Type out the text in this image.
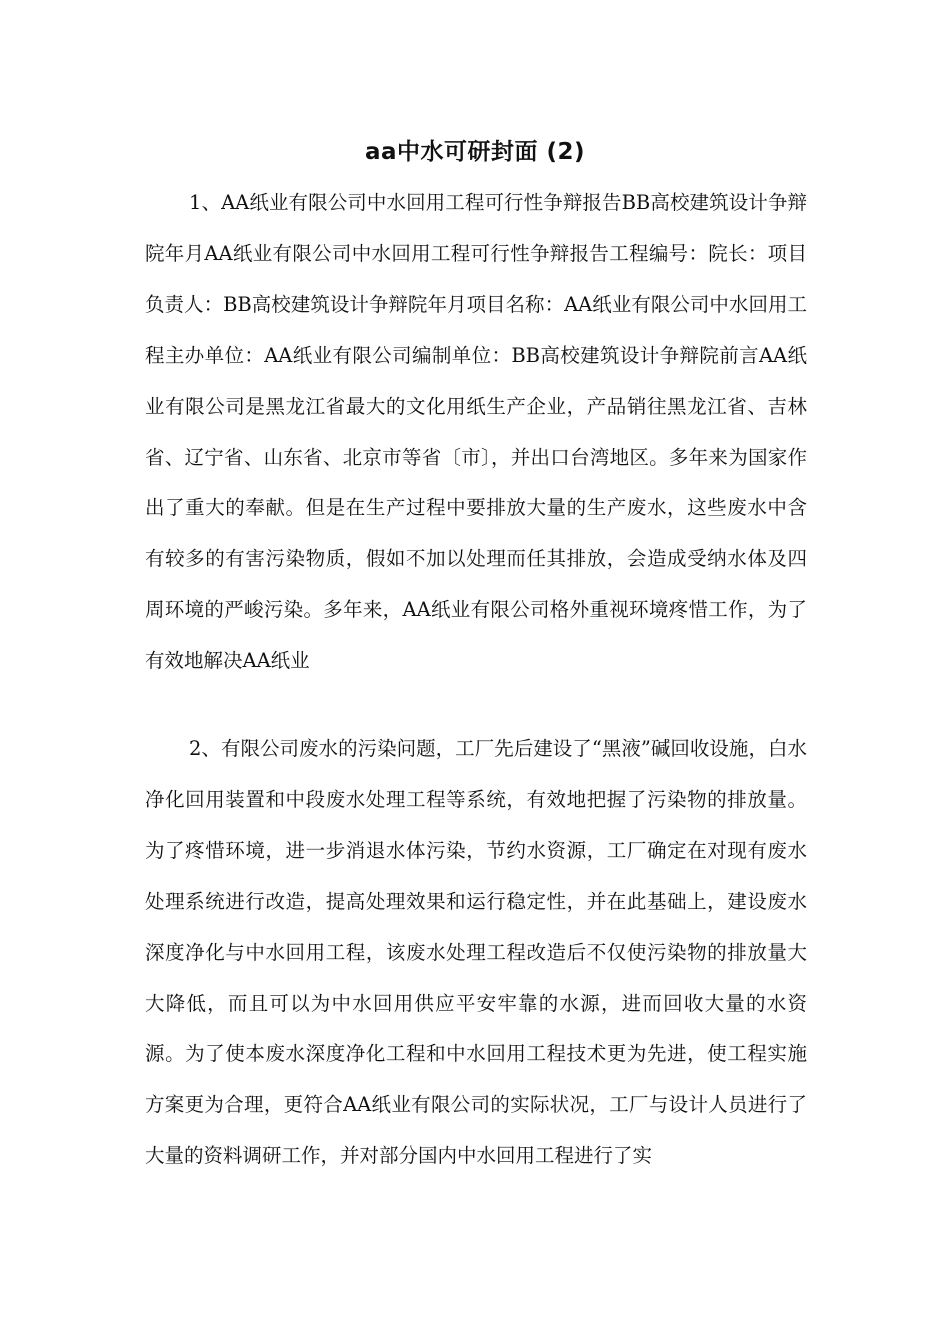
aa中水可研封面 (2)

1、AA纸业有限公司中水回用工程可行性争辩报告BB高校建筑设计争辩院年月AA纸业有限公司中水回用工程可行性争辩报告工程编号：院长：项目负责人：BB高校建筑设计争辩院年月项目名称：AA纸业有限公司中水回用工程主办单位：AA纸业有限公司编制单位：BB高校建筑设计争辩院前言AA纸业有限公司是黑龙江省最大的文化用纸生产企业，产品销往黑龙江省、吉林省、辽宁省、山东省、北京市等省〔市〕，并出口台湾地区。多年来为国家作出了重大的奉献。但是在生产过程中要排放大量的生产废水，这些废水中含有较多的有害污染物质，假如不加以处理而任其排放，会造成受纳水体及四周环境的严峻污染。多年来，AA纸业有限公司格外重视环境疼惜工作，为了有效地解决AA纸业

2、有限公司废水的污染问题，工厂先后建设了“黑液”碱回收设施，白水净化回用装置和中段废水处理工程等系统，有效地把握了污染物的排放量。为了疼惜环境，进一步消退水体污染，节约水资源，工厂确定在对现有废水处理系统进行改造，提高处理效果和运行稳定性，并在此基础上，建设废水深度净化与中水回用工程，该废水处理工程改造后不仅使污染物的排放量大大降低，而且可以为中水回用供应平安牢靠的水源，进而回收大量的水资源。为了使本废水深度净化工程和中水回用工程技术更为先进，使工程实施方案更为合理，更符合AA纸业有限公司的实际状况，工厂与设计人员进行了大量的资料调研工作，并对部分国内中水回用工程进行了实
